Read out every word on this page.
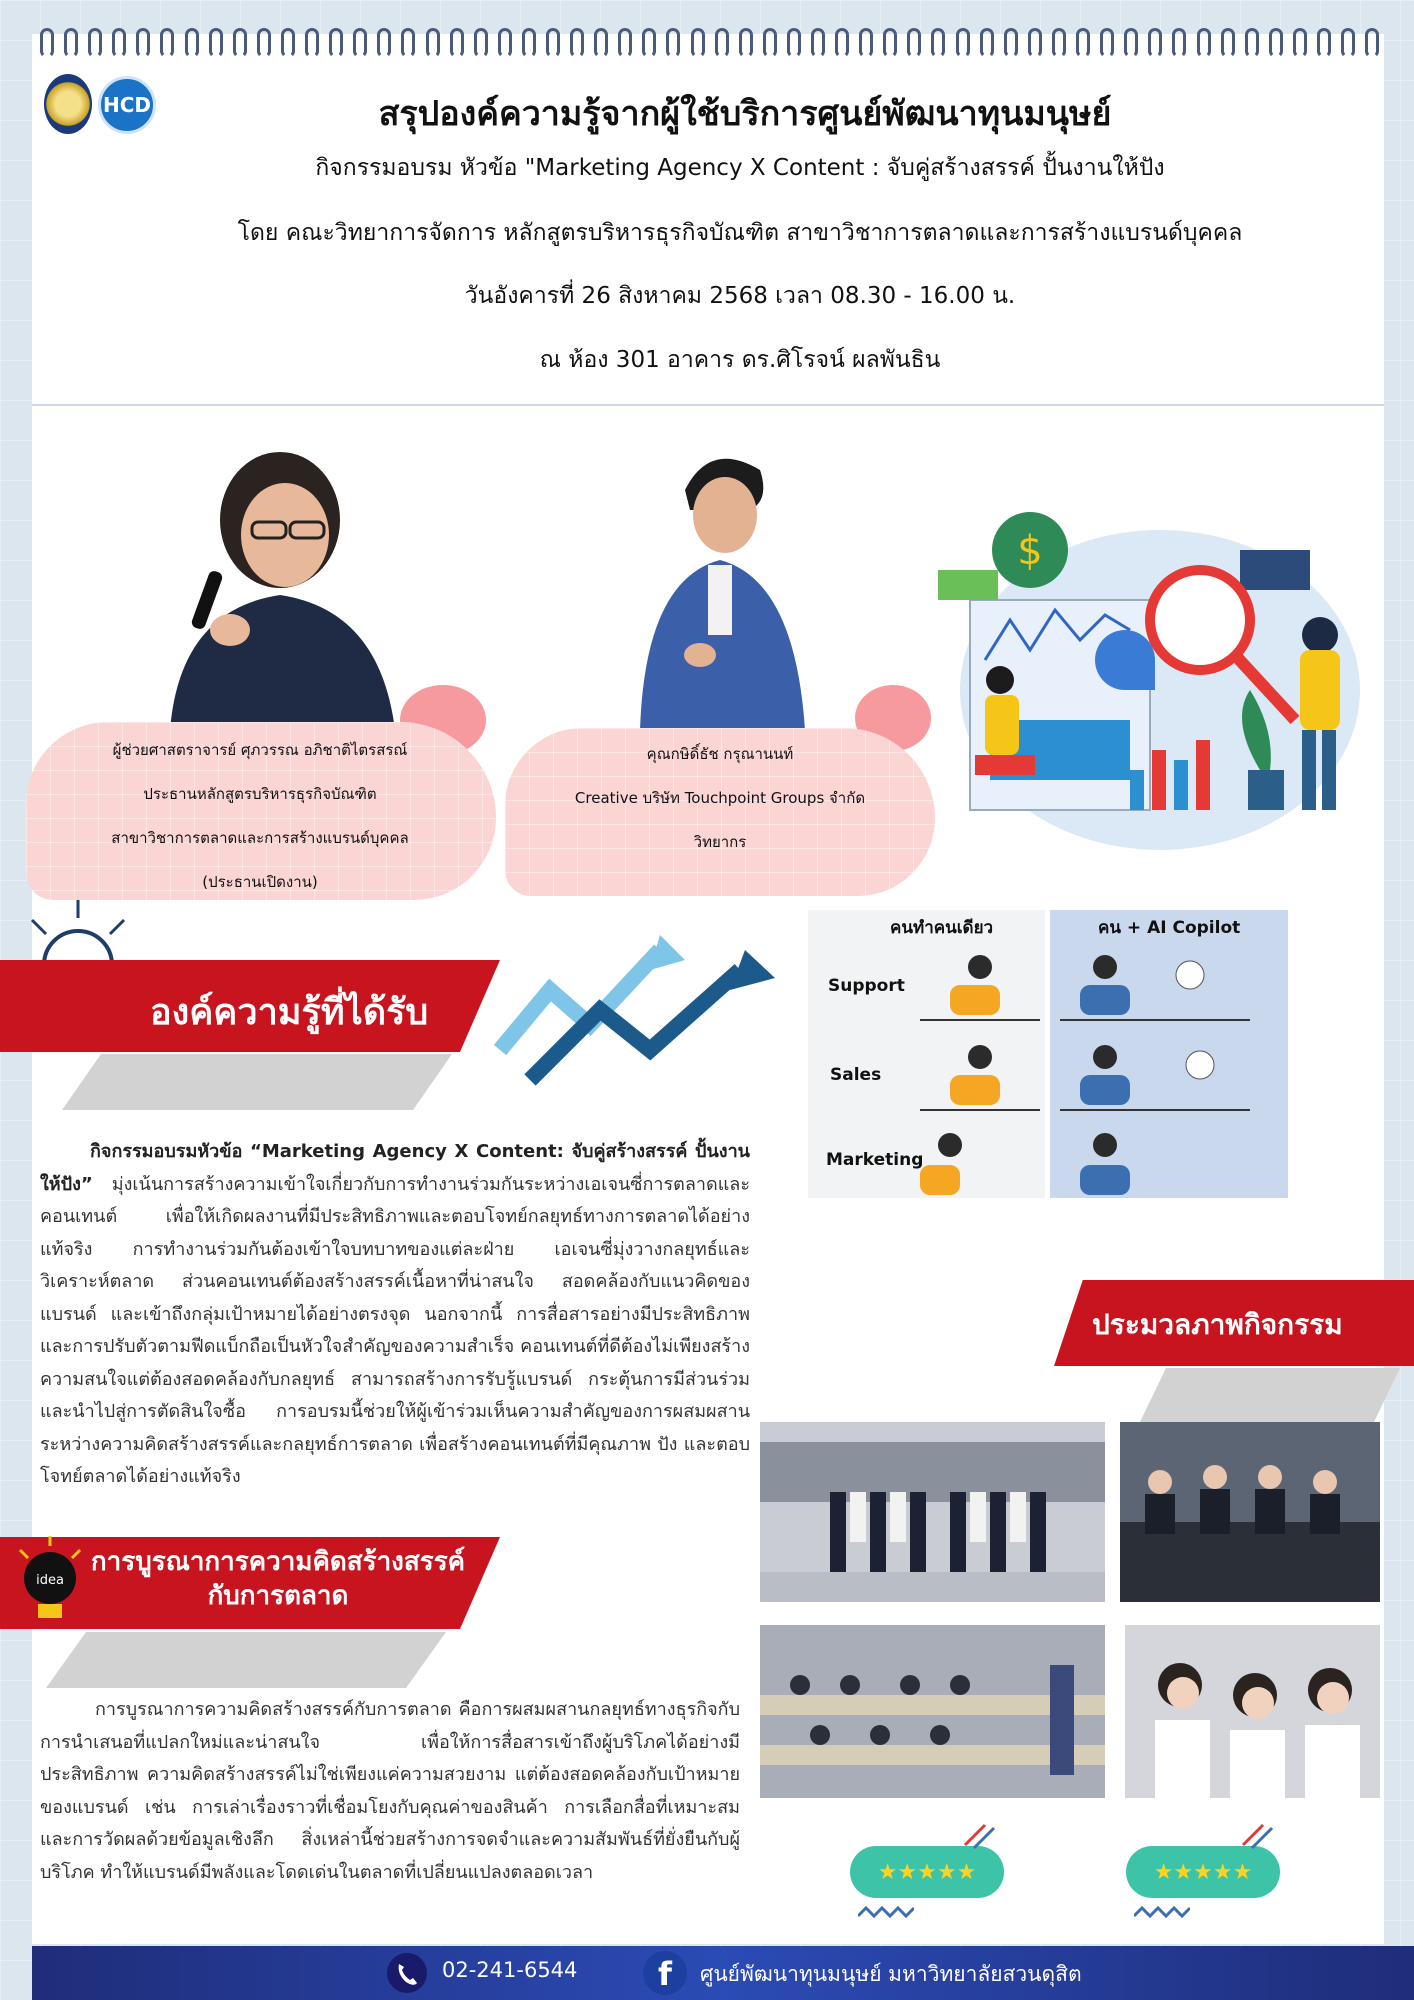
HCD	สรุปองค์ความรู้จากผู้ใช้บริการศูนย์พัฒนาทุนมนุษย์
กิจกรรมอบรม หัวข้อ "Marketing Agency X Content : จับคู่สร้างสรรค์ ปั้นงานให้ปัง
โดย คณะวิทยาการจัดการ หลักสูตรบริหารธุรกิจบัณฑิต สาขาวิชาการตลาดและการสร้างแบรนด์บุคคล
วันอังคารที่ 26 สิงหาคม 2568 เวลา 08.30 - 16.00 น.
ณ ห้อง 301 อาคาร ดร.ศิโรจน์ ผลพันธิน
ผู้ช่วยศาสตราจารย์ ศุภวรรณ อภิชาติไตรสรณ์
ประธานหลักสูตรบริหารธุรกิจบัณฑิต
สาขาวิชาการตลาดและการสร้างแบรนด์บุคคล
(ประธานเปิดงาน)
คุณกษิดิ์ธัช กรุณานนท์
Creative บริษัท Touchpoint Groups จำกัด
วิทยากร
$
องค์ความรู้ที่ได้รับ
คนทำคนเดียว	คน + AI Copilot
Support
Sales
Marketing
กิจกรรมอบรมหัวข้อ “Marketing Agency X Content: จับคู่สร้างสรรค์ ปั้นงานให้ปัง” มุ่งเน้นการสร้างความเข้าใจเกี่ยวกับการทำงานร่วมกันระหว่างเอเจนซี่การตลาดและคอนเทนต์ เพื่อให้เกิดผลงานที่มีประสิทธิภาพและตอบโจทย์กลยุทธ์ทางการตลาดได้อย่างแท้จริง การทำงานร่วมกันต้องเข้าใจบทบาทของแต่ละฝ่าย เอเจนซี่มุ่งวางกลยุทธ์และวิเคราะห์ตลาด ส่วนคอนเทนต์ต้องสร้างสรรค์เนื้อหาที่น่าสนใจ สอดคล้องกับแนวคิดของแบรนด์ และเข้าถึงกลุ่มเป้าหมายได้อย่างตรงจุด นอกจากนี้ การสื่อสารอย่างมีประสิทธิภาพและการปรับตัวตามฟีดแบ็กถือเป็นหัวใจสำคัญของความสำเร็จ คอนเทนต์ที่ดีต้องไม่เพียงสร้างความสนใจแต่ต้องสอดคล้องกับกลยุทธ์ สามารถสร้างการรับรู้แบรนด์ กระตุ้นการมีส่วนร่วม และนำไปสู่การตัดสินใจซื้อ การอบรมนี้ช่วยให้ผู้เข้าร่วมเห็นความสำคัญของการผสมผสานระหว่างความคิดสร้างสรรค์และกลยุทธ์การตลาด เพื่อสร้างคอนเทนต์ที่มีคุณภาพ ปัง และตอบโจทย์ตลาดได้อย่างแท้จริง
ประมวลภาพกิจกรรม
idea
การบูรณาการความคิดสร้างสรรค์
กับการตลาด
การบูรณาการความคิดสร้างสรรค์กับการตลาด คือการผสมผสานกลยุทธ์ทางธุรกิจกับการนำเสนอที่แปลกใหม่และน่าสนใจ เพื่อให้การสื่อสารเข้าถึงผู้บริโภคได้อย่างมีประสิทธิภาพ ความคิดสร้างสรรค์ไม่ใช่เพียงแค่ความสวยงาม แต่ต้องสอดคล้องกับเป้าหมายของแบรนด์ เช่น การเล่าเรื่องราวที่เชื่อมโยงกับคุณค่าของสินค้า การเลือกสื่อที่เหมาะสม และการวัดผลด้วยข้อมูลเชิงลึก สิ่งเหล่านี้ช่วยสร้างการจดจำและความสัมพันธ์ที่ยั่งยืนกับผู้บริโภค ทำให้แบรนด์มีพลังและโดดเด่นในตลาดที่เปลี่ยนแปลงตลอดเวลา	★★★★★	★★★★★
02-241-6544	f ศูนย์พัฒนาทุนมนุษย์ มหาวิทยาลัยสวนดุสิต
